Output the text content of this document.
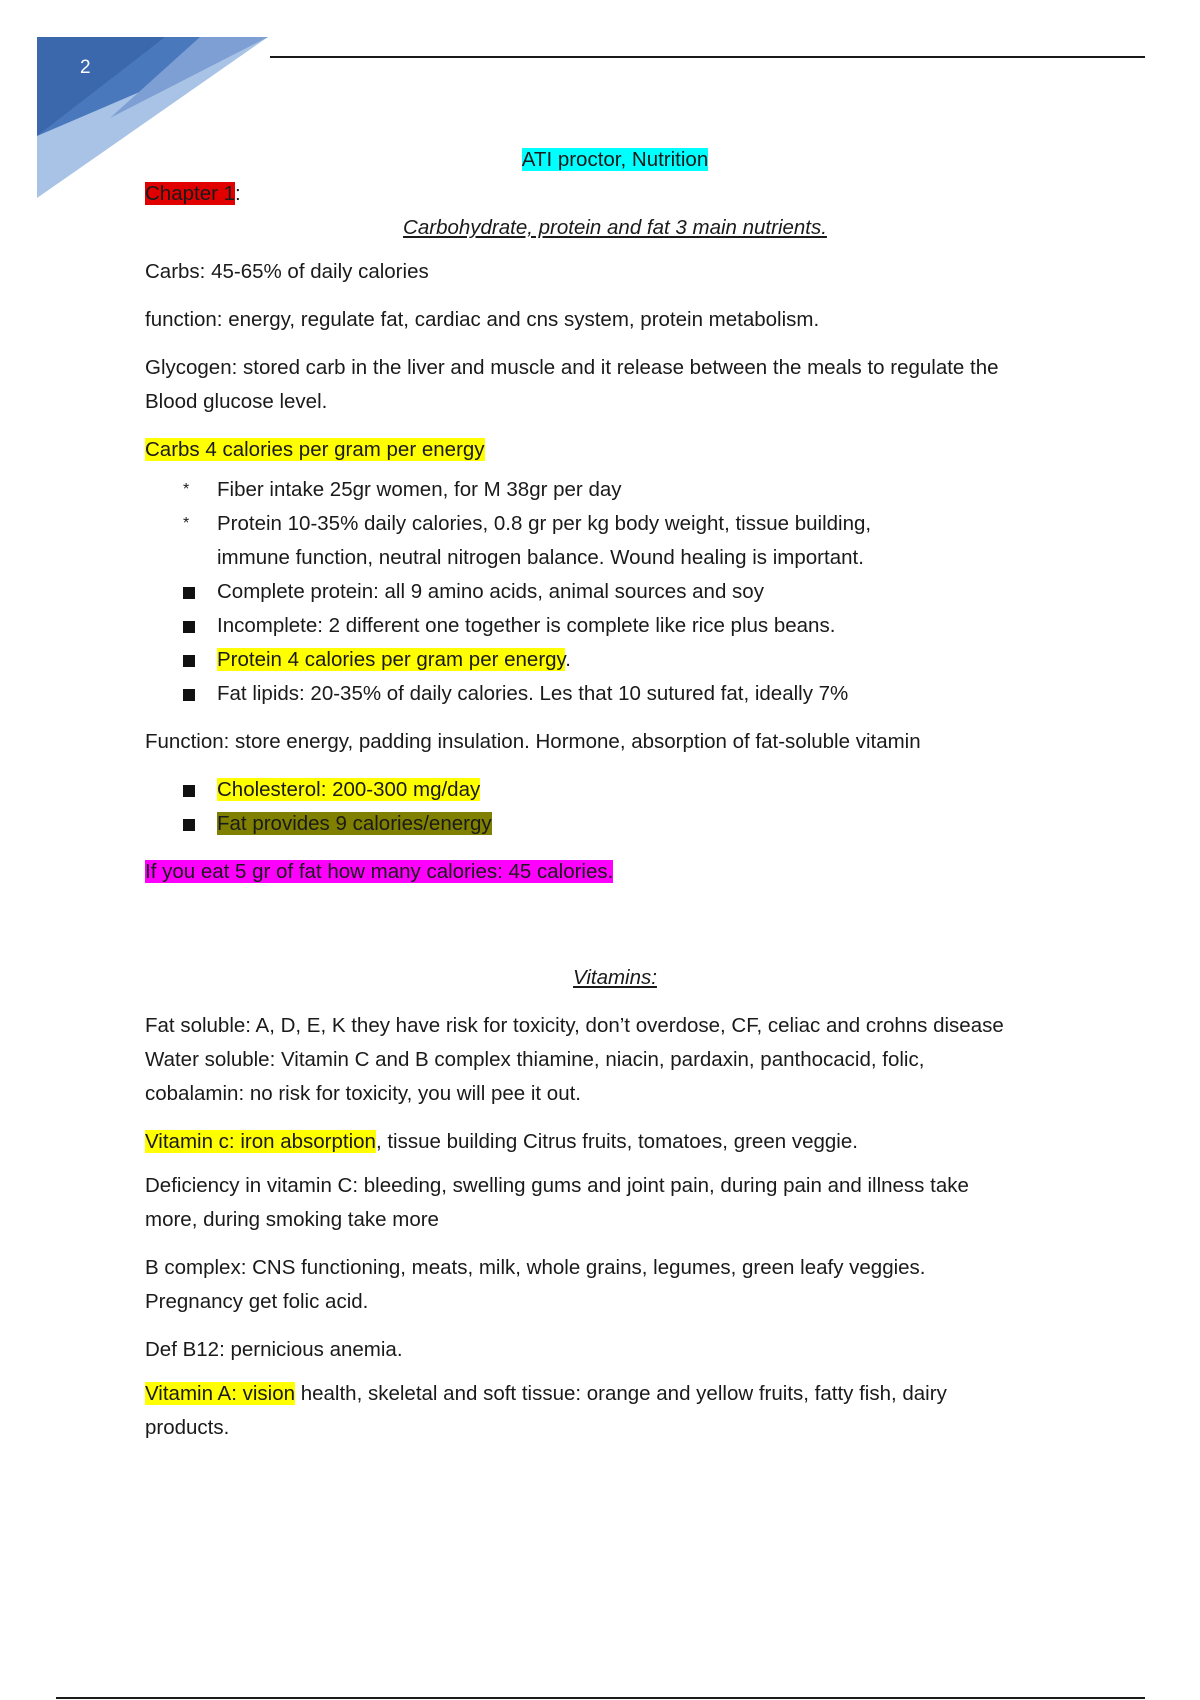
2

ATI proctor, Nutrition

Chapter 1:

Carbohydrate, protein and fat 3 main nutrients.

Carbs: 45-65% of daily calories

function: energy, regulate fat, cardiac and cns system, protein metabolism.

Glycogen: stored carb in the liver and muscle and it release between the meals to regulate the
Blood glucose level.

Carbs 4 calories per gram per energy

* Fiber intake 25gr women, for M 38gr per day
* Protein 10-35% daily calories, 0.8 gr per kg body weight, tissue building,
immune function, neutral nitrogen balance. Wound healing is important.
Complete protein: all 9 amino acids, animal sources and soy
Incomplete: 2 different one together is complete like rice plus beans.
Protein 4 calories per gram per energy.
Fat lipids: 20-35% of daily calories. Les that 10 sutured fat, ideally 7%

Function: store energy, padding insulation. Hormone, absorption of fat-soluble vitamin

Cholesterol: 200-300 mg/day
Fat provides 9 calories/energy

If you eat 5 gr of fat how many calories: 45 calories.

Vitamins:

Fat soluble: A, D, E, K they have risk for toxicity, don’t overdose, CF, celiac and crohns disease
Water soluble: Vitamin C and B complex thiamine, niacin, pardaxin, panthocacid, folic,
cobalamin: no risk for toxicity, you will pee it out.

Vitamin c: iron absorption, tissue building Citrus fruits, tomatoes, green veggie.

Deficiency in vitamin C: bleeding, swelling gums and joint pain, during pain and illness take
more, during smoking take more

B complex: CNS functioning, meats, milk, whole grains, legumes, green leafy veggies.
Pregnancy get folic acid.

Def B12: pernicious anemia.

Vitamin A: vision health, skeletal and soft tissue: orange and yellow fruits, fatty fish, dairy
products.
